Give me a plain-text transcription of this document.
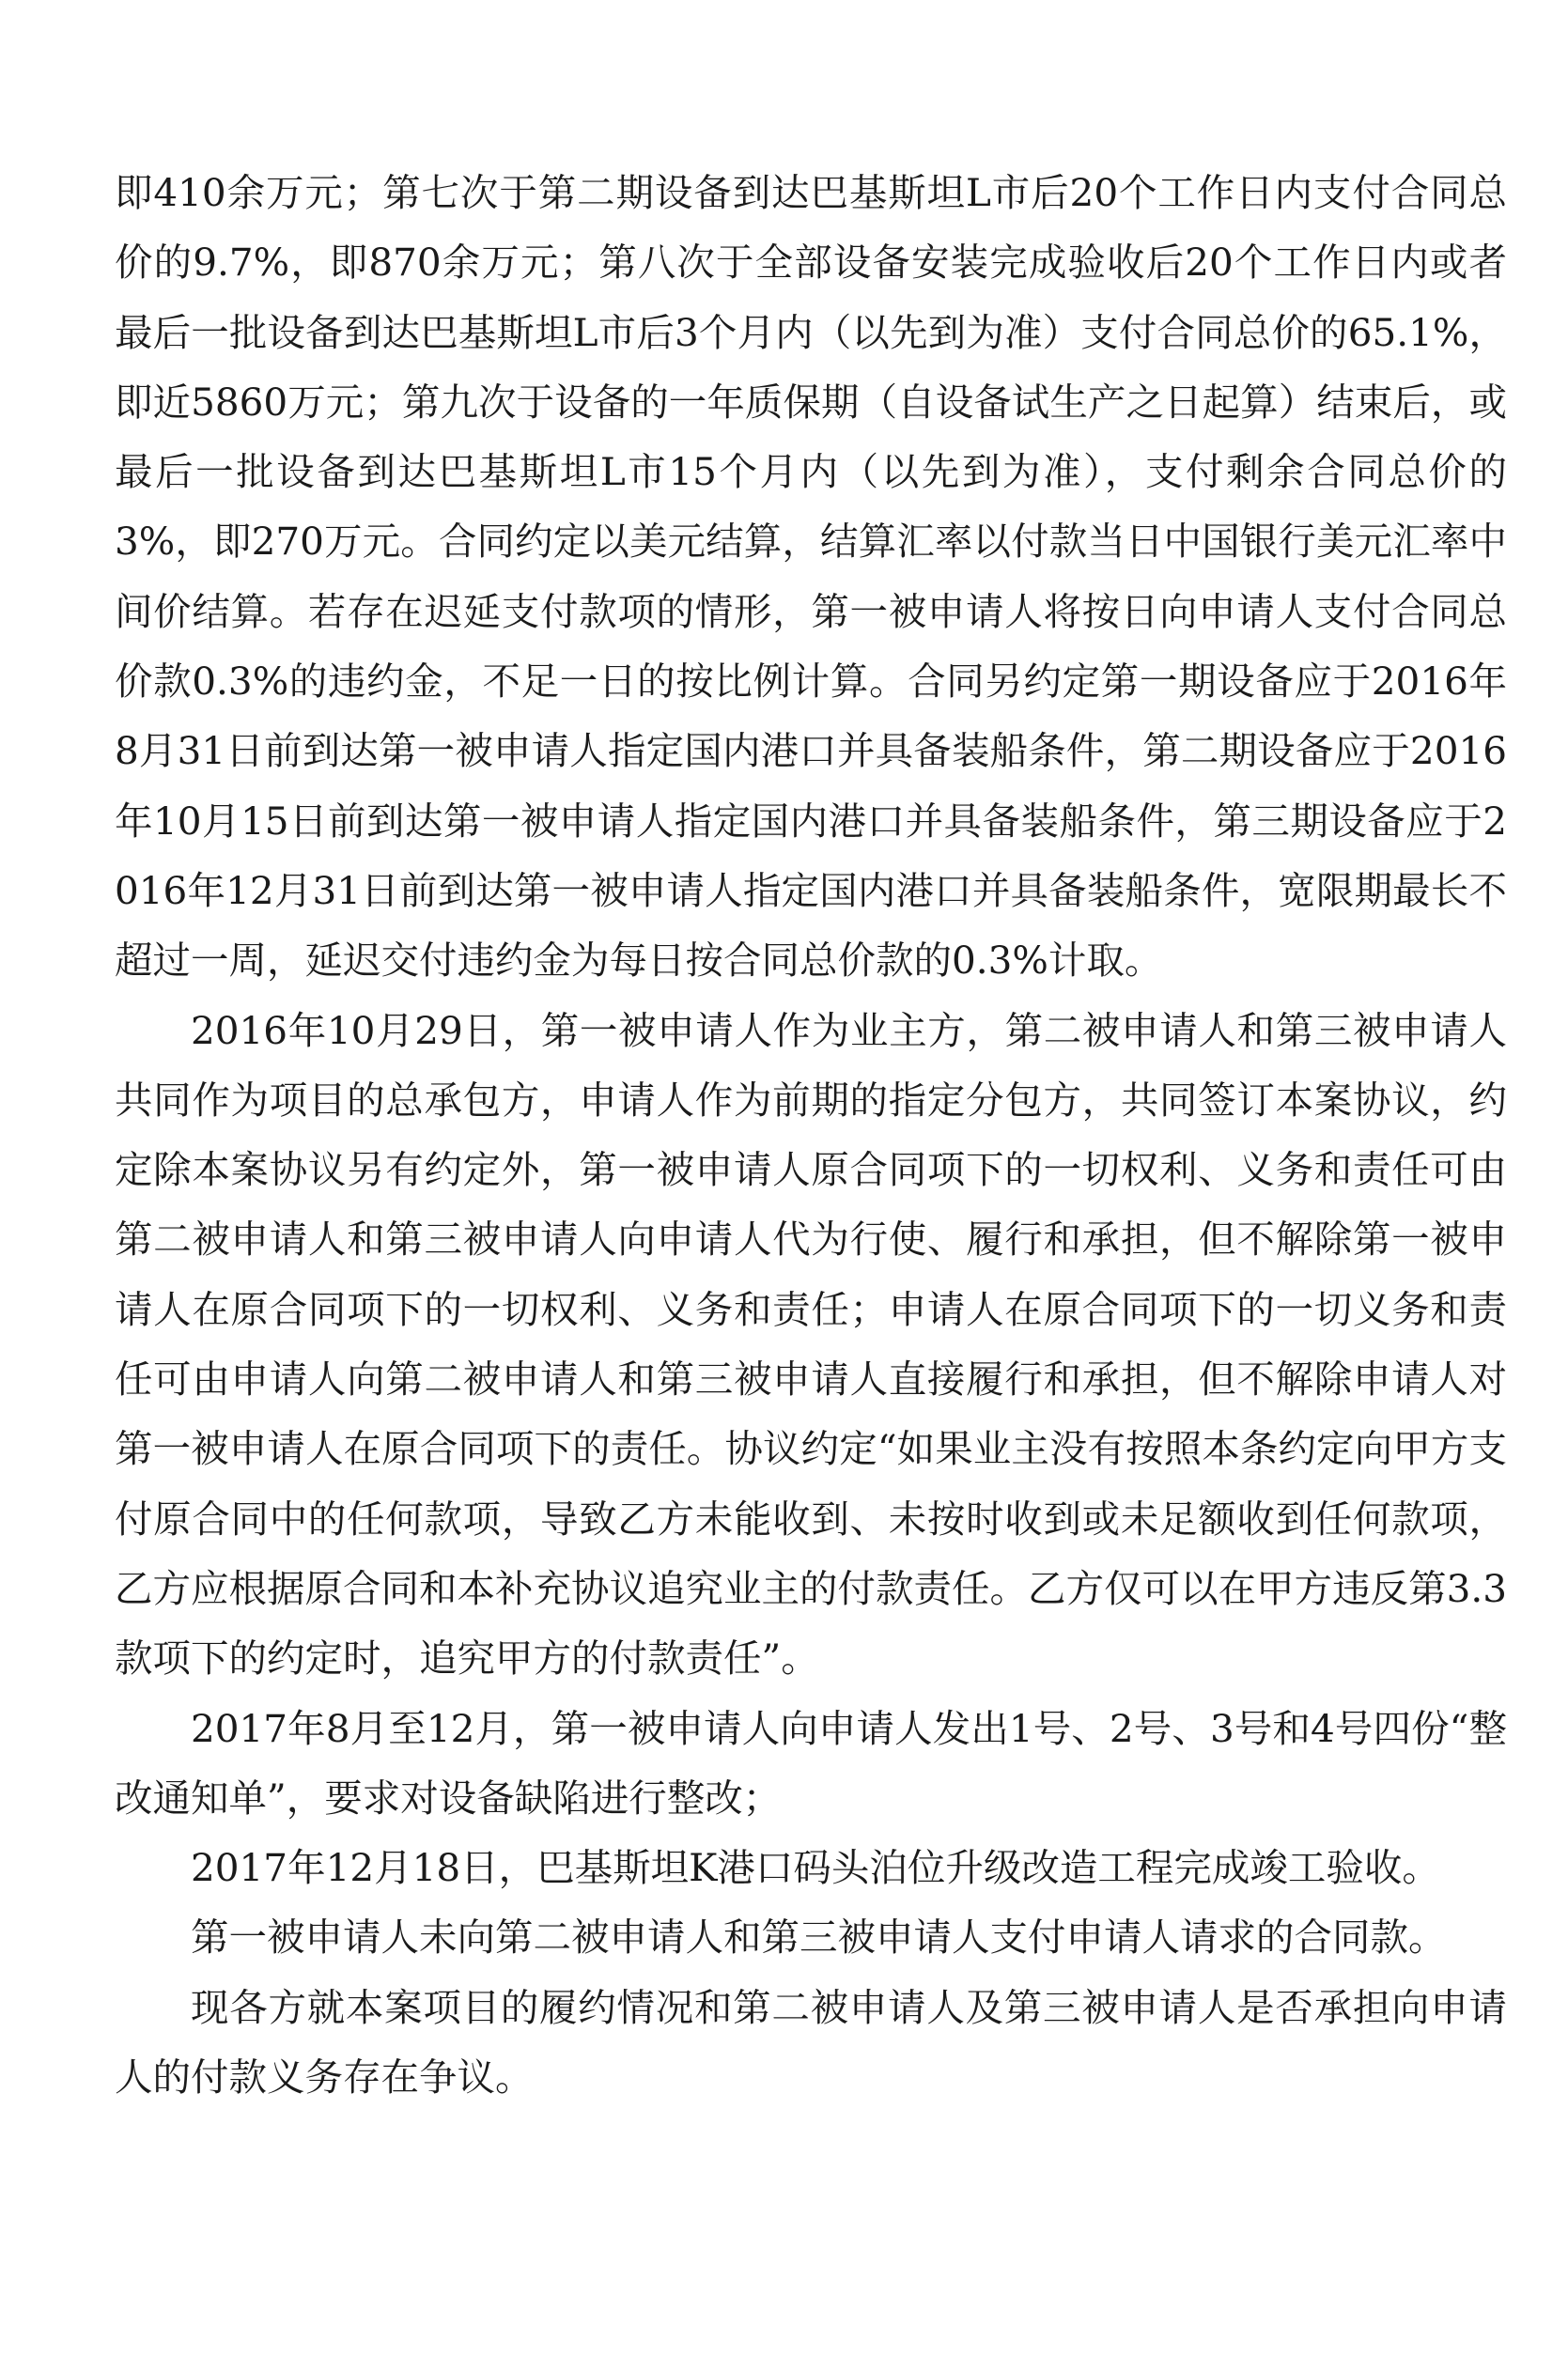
即410余万元；第七次于第二期设备到达巴基斯坦L市后20个工作日内支付合同总价的9.7%，即870余万元；第八次于全部设备安装完成验收后20个工作日内或者最后一批设备到达巴基斯坦L市后3个月内（以先到为准）支付合同总价的65.1%，即近5860万元；第九次于设备的一年质保期（自设备试生产之日起算）结束后，或最后一批设备到达巴基斯坦L市15个月内（以先到为准），支付剩余合同总价的3%，即270万元。合同约定以美元结算，结算汇率以付款当日中国银行美元汇率中间价结算。若存在迟延支付款项的情形，第一被申请人将按日向申请人支付合同总价款0.3%的违约金，不足一日的按比例计算。合同另约定第一期设备应于2016年8月31日前到达第一被申请人指定国内港口并具备装船条件，第二期设备应于2016年10月15日前到达第一被申请人指定国内港口并具备装船条件，第三期设备应于2016年12月31日前到达第一被申请人指定国内港口并具备装船条件，宽限期最长不超过一周，延迟交付违约金为每日按合同总价款的0.3%计取。

2016年10月29日，第一被申请人作为业主方，第二被申请人和第三被申请人共同作为项目的总承包方，申请人作为前期的指定分包方，共同签订本案协议，约定除本案协议另有约定外，第一被申请人原合同项下的一切权利、义务和责任可由第二被申请人和第三被申请人向申请人代为行使、履行和承担，但不解除第一被申请人在原合同项下的一切权利、义务和责任；申请人在原合同项下的一切义务和责任可由申请人向第二被申请人和第三被申请人直接履行和承担，但不解除申请人对第一被申请人在原合同项下的责任。协议约定“如果业主没有按照本条约定向甲方支付原合同中的任何款项，导致乙方未能收到、未按时收到或未足额收到任何款项，乙方应根据原合同和本补充协议追究业主的付款责任。乙方仅可以在甲方违反第3.3款项下的约定时，追究甲方的付款责任”。

2017年8月至12月，第一被申请人向申请人发出1号、2号、3号和4号四份“整改通知单”，要求对设备缺陷进行整改；

2017年12月18日，巴基斯坦K港口码头泊位升级改造工程完成竣工验收。

第一被申请人未向第二被申请人和第三被申请人支付申请人请求的合同款。

现各方就本案项目的履约情况和第二被申请人及第三被申请人是否承担向申请人的付款义务存在争议。
